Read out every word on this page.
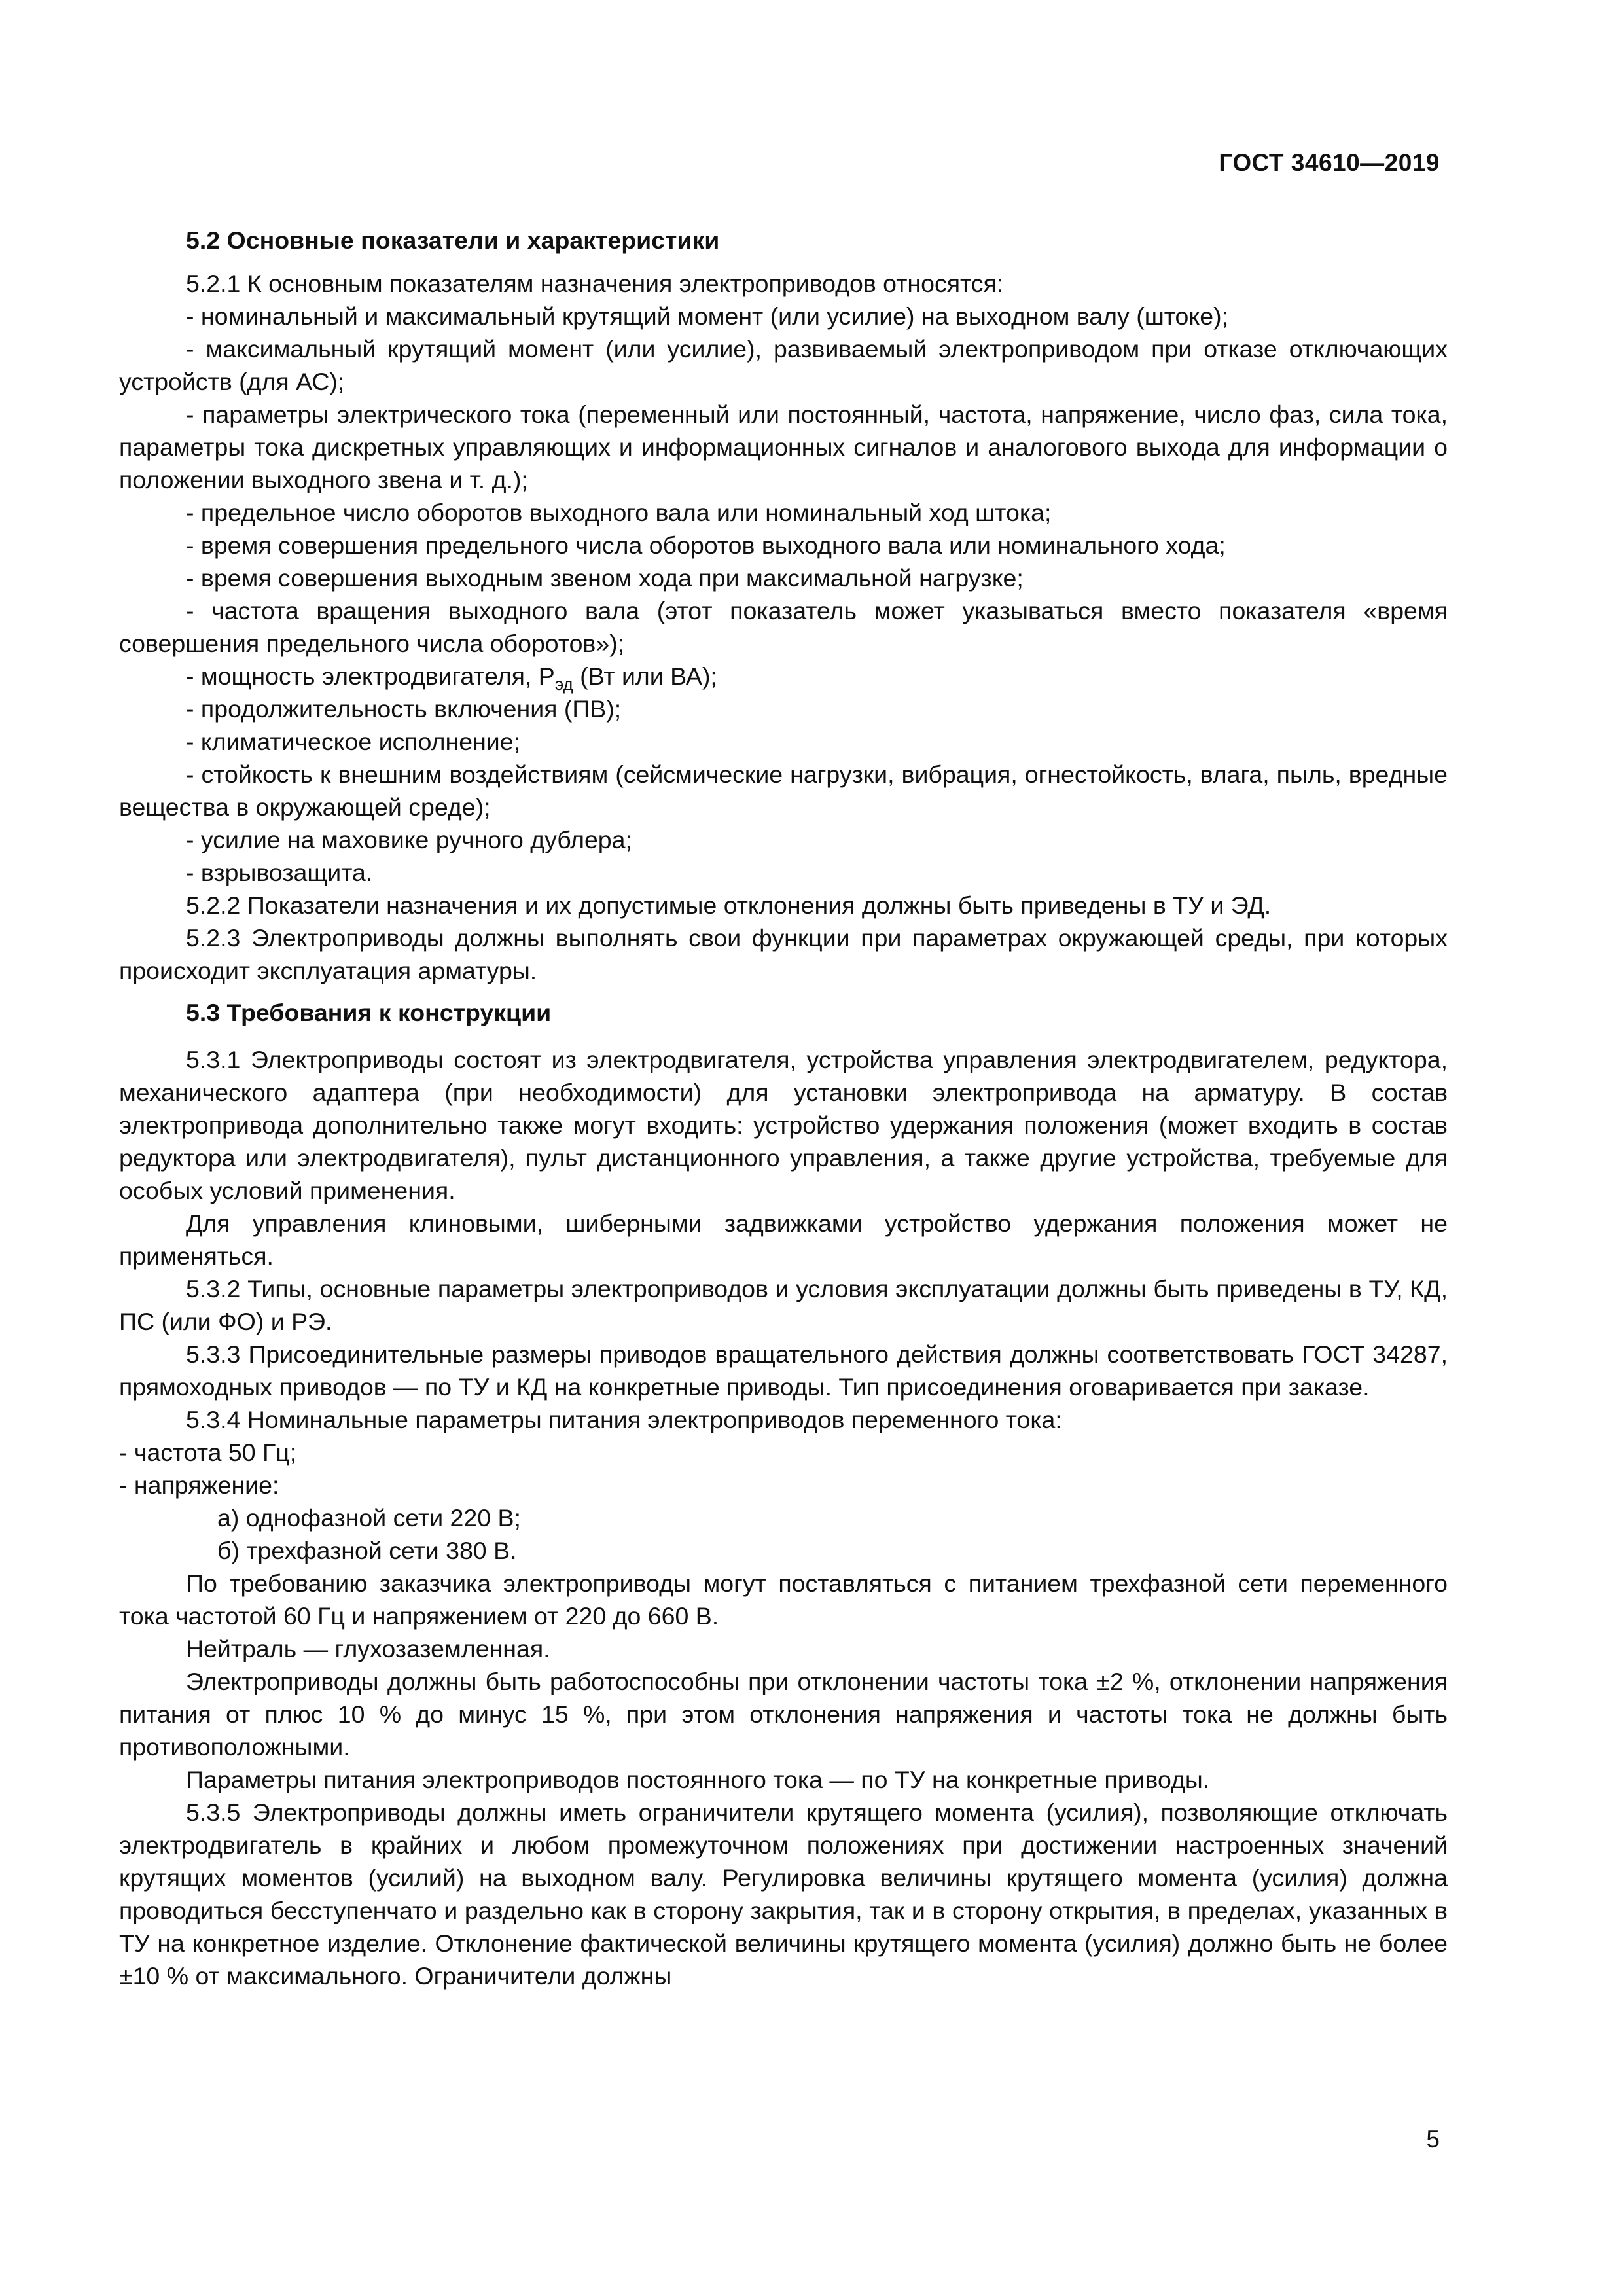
ГОСТ 34610—2019
5.2 Основные показатели и характеристики
5.2.1 К основным показателям назначения электроприводов относятся:
- номинальный и максимальный крутящий момент (или усилие) на выходном валу (штоке);
- максимальный крутящий момент (или усилие), развиваемый электроприводом при отказе отключающих устройств (для АС);
- параметры электрического тока (переменный или постоянный, частота, напряжение, число фаз, сила тока, параметры тока дискретных управляющих и информационных сигналов и аналогового выхода для информации о положении выходного звена и т. д.);
- предельное число оборотов выходного вала или номинальный ход штока;
- время совершения предельного числа оборотов выходного вала или номинального хода;
- время совершения выходным звеном хода при максимальной нагрузке;
- частота вращения выходного вала (этот показатель может указываться вместо показателя «время совершения предельного числа оборотов»);
- мощность электродвигателя, $P_{эд}$ (Вт или ВА);
- продолжительность включения (ПВ);
- климатическое исполнение;
- стойкость к внешним воздействиям (сейсмические нагрузки, вибрация, огнестойкость, влага, пыль, вредные вещества в окружающей среде);
- усилие на маховике ручного дублера;
- взрывозащита.
5.2.2 Показатели назначения и их допустимые отклонения должны быть приведены в ТУ и ЭД.
5.2.3 Электроприводы должны выполнять свои функции при параметрах окружающей среды, при которых происходит эксплуатация арматуры.
5.3 Требования к конструкции
5.3.1 Электроприводы состоят из электродвигателя, устройства управления электродвигателем, редуктора, механического адаптера (при необходимости) для установки электропривода на арматуру. В состав электропривода дополнительно также могут входить: устройство удержания положения (может входить в состав редуктора или электродвигателя), пульт дистанционного управления, а также другие устройства, требуемые для особых условий применения.
Для управления клиновыми, шиберными задвижками устройство удержания положения может не применяться.
5.3.2 Типы, основные параметры электроприводов и условия эксплуатации должны быть приведены в ТУ, КД, ПС (или ФО) и РЭ.
5.3.3 Присоединительные размеры приводов вращательного действия должны соответствовать ГОСТ 34287, прямоходных приводов — по ТУ и КД на конкретные приводы. Тип присоединения оговаривается при заказе.
5.3.4 Номинальные параметры питания электроприводов переменного тока:
- частота 50 Гц;
- напряжение:
а) однофазной сети 220 В;
б) трехфазной сети 380 В.
По требованию заказчика электроприводы могут поставляться с питанием трехфазной сети переменного тока частотой 60 Гц и напряжением от 220 до 660 В.
Нейтраль — глухозаземленная.
Электроприводы должны быть работоспособны при отклонении частоты тока ±2 %, отклонении напряжения питания от плюс 10 % до минус 15 %, при этом отклонения напряжения и частоты тока не должны быть противоположными.
Параметры питания электроприводов постоянного тока — по ТУ на конкретные приводы.
5.3.5 Электроприводы должны иметь ограничители крутящего момента (усилия), позволяющие отключать электродвигатель в крайних и любом промежуточном положениях при достижении настроенных значений крутящих моментов (усилий) на выходном валу. Регулировка величины крутящего момента (усилия) должна проводиться бесступенчато и раздельно как в сторону закрытия, так и в сторону открытия, в пределах, указанных в ТУ на конкретное изделие. Отклонение фактической величины крутящего момента (усилия) должно быть не более ±10 % от максимального. Ограничители должны
5
